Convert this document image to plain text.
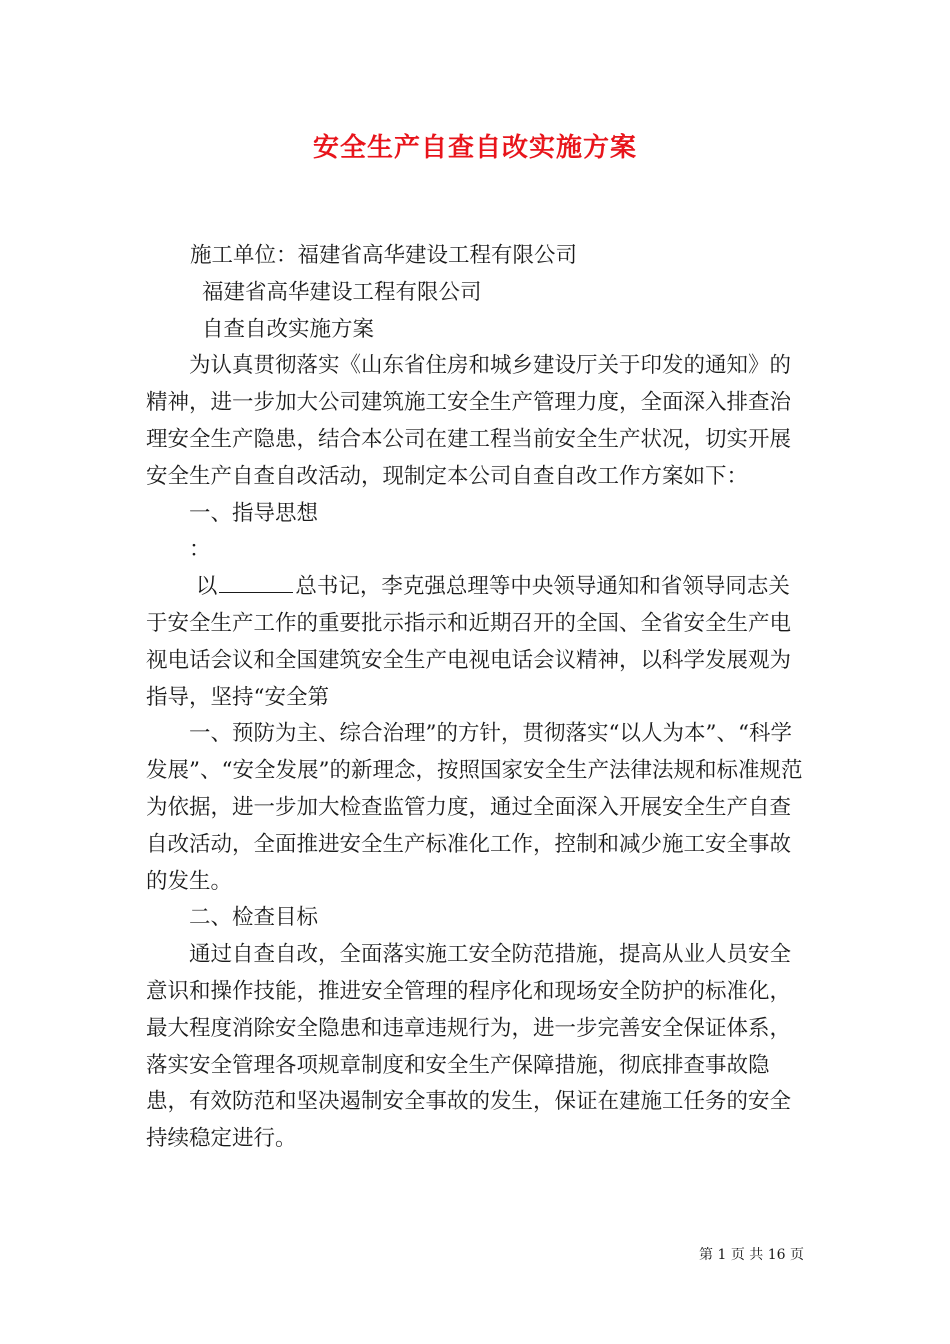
安全生产自查自改实施方案

施工单位：福建省高华建设工程有限公司

福建省高华建设工程有限公司

自查自改实施方案

为认真贯彻落实《山东省住房和城乡建设厅关于印发的通知》的精神，进一步加大公司建筑施工安全生产管理力度，全面深入排查治理安全生产隐患，结合本公司在建工程当前安全生产状况，切实开展安全生产自查自改活动，现制定本公司自查自改工作方案如下：

一、指导思想

：

以	总书记，李克强总理等中央领导通知和省领导同志关于安全生产工作的重要批示指示和近期召开的全国、全省安全生产电视电话会议和全国建筑安全生产电视电话会议精神，以科学发展观为指导，坚持“安全第

一、预防为主、综合治理”的方针，贯彻落实“以人为本”、“科学发展”、“安全发展”的新理念，按照国家安全生产法律法规和标准规范为依据，进一步加大检查监管力度，通过全面深入开展安全生产自查自改活动，全面推进安全生产标准化工作，控制和减少施工安全事故的发生。

二、检查目标

通过自查自改，全面落实施工安全防范措施，提高从业人员安全意识和操作技能，推进安全管理的程序化和现场安全防护的标准化，最大程度消除安全隐患和违章违规行为，进一步完善安全保证体系，落实安全管理各项规章制度和安全生产保障措施，彻底排查事故隐患，有效防范和坚决遏制安全事故的发生，保证在建施工任务的安全持续稳定进行。

第 1 页 共 16 页
